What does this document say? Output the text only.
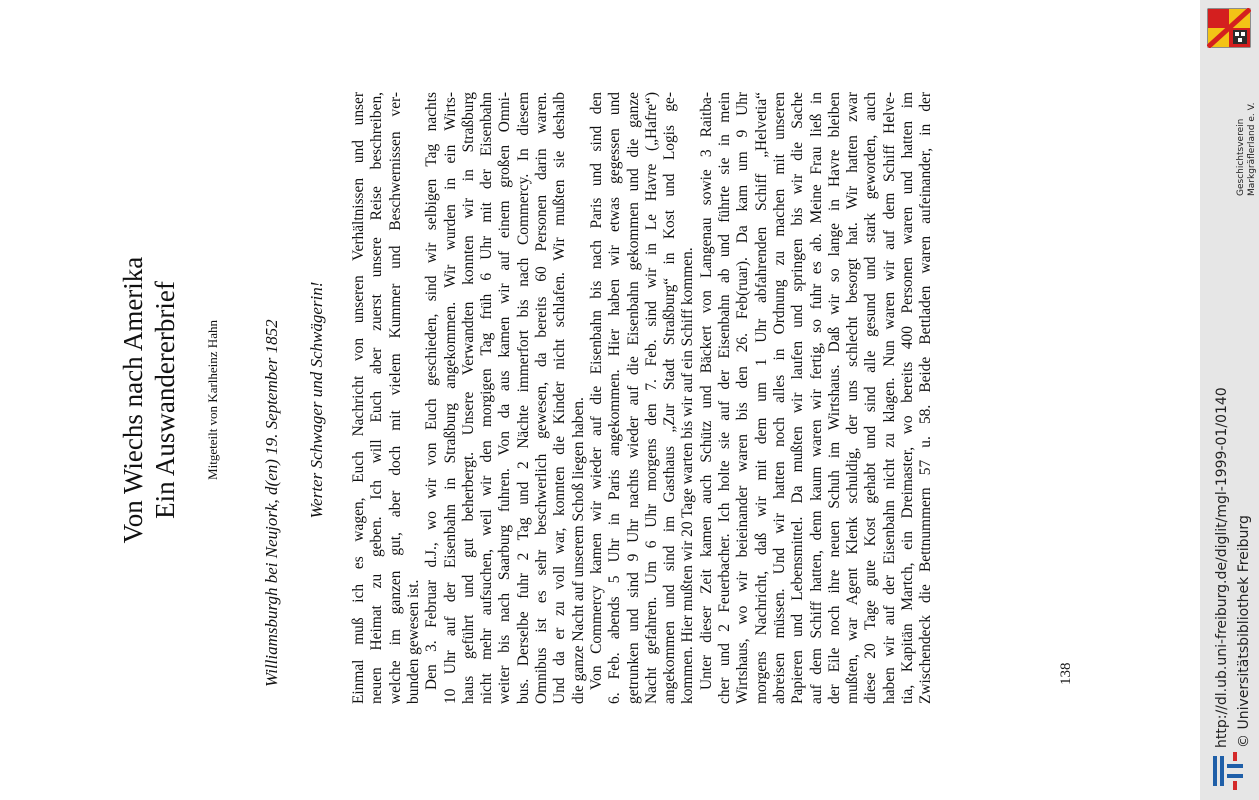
Von Wiechs nach Amerika Ein Auswandererbrief Mitgeteilt von Karlheinz Hahn Williamsburgh bei Neujork, d(en) 19. September 1852 Werter Schwager und Schwägerin! Einmal muß ich es wagen, Euch Nachricht von unseren Verhältnissen und unser neuen Heimat zu geben. Ich will Euch aber zuerst unsere Reise beschreiben, welche im ganzen gut, aber doch mit vielem Kummer und Beschwernissen ver- bunden gewesen ist. Den 3. Februar d.J., wo wir von Euch geschieden, sind wir selbigen Tag nachts 10 Uhr auf der Eisenbahn in Straßburg angekommen. Wir wurden in ein Wirts- haus geführt und gut beherbergt. Unsere Verwandten konnten wir in Straßburg nicht mehr aufsuchen, weil wir den morgigen Tag früh 6 Uhr mit der Eisenbahn weiter bis nach Saarburg fuhren. Von da aus kamen wir auf einem großen Omni- bus. Derselbe fuhr 2 Tag und 2 Nächte immerfort bis nach Commercy. In diesem Omnibus ist es sehr beschwerlich gewesen, da bereits 60 Personen darin waren. Und da er zu voll war, konnten die Kinder nicht schlafen. Wir mußten sie deshalb die ganze Nacht auf unserem Schoß liegen haben. Von Commercy kamen wir wieder auf die Eisenbahn bis nach Paris und sind den 6. Feb. abends 5 Uhr in Paris angekommen. Hier haben wir etwas gegessen und getrunken und sind 9 Uhr nachts wieder auf die Eisenbahn gekommen und die ganze Nacht gefahren. Um 6 Uhr morgens den 7. Feb. sind wir in Le Havre („Hafre“) angekommen und sind im Gasthaus „Zur Stadt Straßburg“ in Kost und Logis ge- kommen. Hier mußten wir 20 Tage warten bis wir auf ein Schiff kommen. Unter dieser Zeit kamen auch Schütz und Bäckert von Langenau sowie 3 Raitba- cher und 2 Feuerbacher. Ich holte sie auf der Eisenbahn ab und führte sie in mein Wirtshaus, wo wir beieinander waren bis den 26. Feb(ruar). Da kam um 9 Uhr morgens Nachricht, daß wir mit dem um 1 Uhr abfahrenden Schiff „Helvetia“ abreisen müssen. Und wir hatten noch alles in Ordnung zu machen mit unseren Papieren und Lebensmittel. Da mußten wir laufen und springen bis wir die Sache auf dem Schiff hatten, denn kaum waren wir fertig, so fuhr es ab. Meine Frau ließ in der Eile noch ihre neuen Schuh im Wirtshaus. Daß wir so lange in Havre bleiben mußten, war Agent Klenk schuldig, der uns schlecht besorgt hat. Wir hatten zwar diese 20 Tage gute Kost gehabt und sind alle gesund und stark geworden, auch haben wir auf der Eisenbahn nicht zu klagen. Nun waren wir auf dem Schiff Helve- tia, Kapitän Martch, ein Dreimaster, wo bereits 400 Personen waren und hatten im Zwischendeck die Bettnummern 57 u. 58. Beide Bettladen waren aufeinander, in der	138	http://dl.ub.uni-freiburg.de/diglit/mgl-1999-01/0140 © Universitätsbibliothek Freiburg
Geschichtsverein Markgräflerland e. V.
